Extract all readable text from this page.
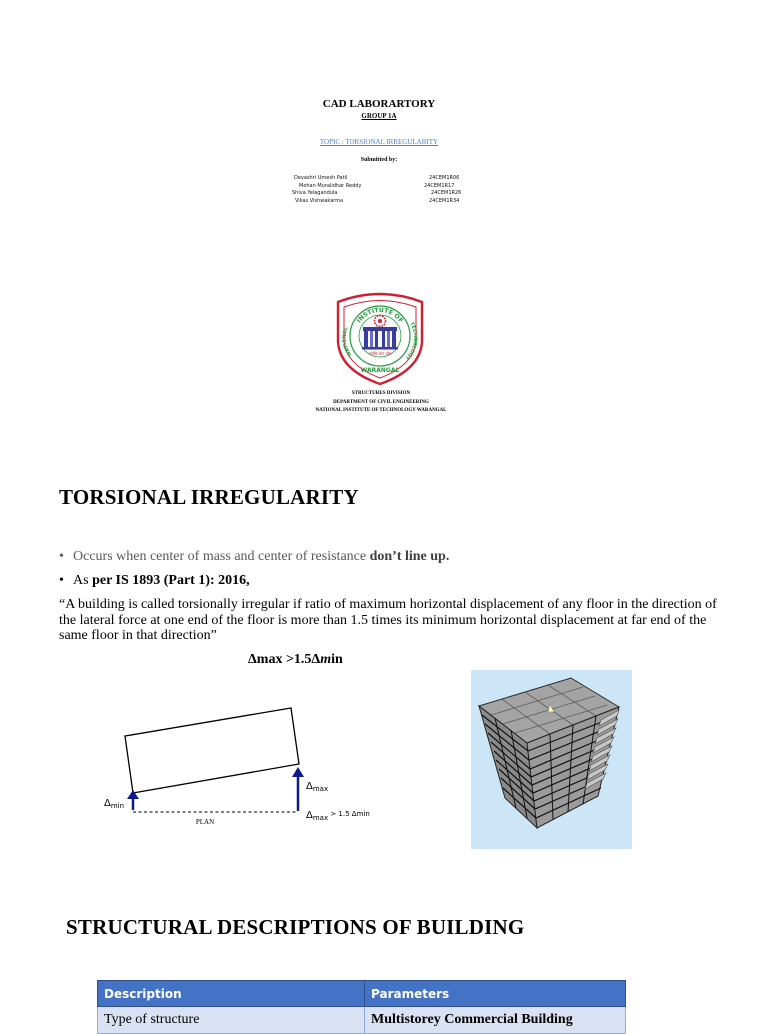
CAD LABORARTORY
GROUP 1A
TOPIC : TORSIONAL IRREGULARITY
Submitted by:
Devashri Umesh Patil	24CEM1R06
Mohan Muralidhar Reddy	24CEM1R17
Shiva Yelagandula	24CEM1R26
Vikas Vishwakarma	24CEM1R34
INSTITUTE OF
NATIONAL
TECHNOLOGY
कर्मभिः ज्ञानं शीलं
WARANGAL
STRUCTURES DIVISION
DEPARTMENT OF CIVIL ENGINEERING
NATIONAL INSTITUTE OF TECHNOLOGY WARANGAL
TORSIONAL IRREGULARITY
• Occurs when center of mass and center of resistance don’t line up.
• As per IS 1893 (Part 1): 2016,
“A building is called torsionally irregular if ratio of maximum horizontal displacement of any floor in the direction of the lateral force at one end of the floor is more than 1.5 times its minimum horizontal displacement at far end of the same floor in that direction”
Δmax >1.5Δmin
$\Delta_{min}$
$\Delta_{max}$
$\Delta_{max}$ $^{> 1.5 \Delta min}$
PLAN
STRUCTURAL DESCRIPTIONS OF BUILDING
Description	Parameters
Type of structure	Multistorey Commercial Building
